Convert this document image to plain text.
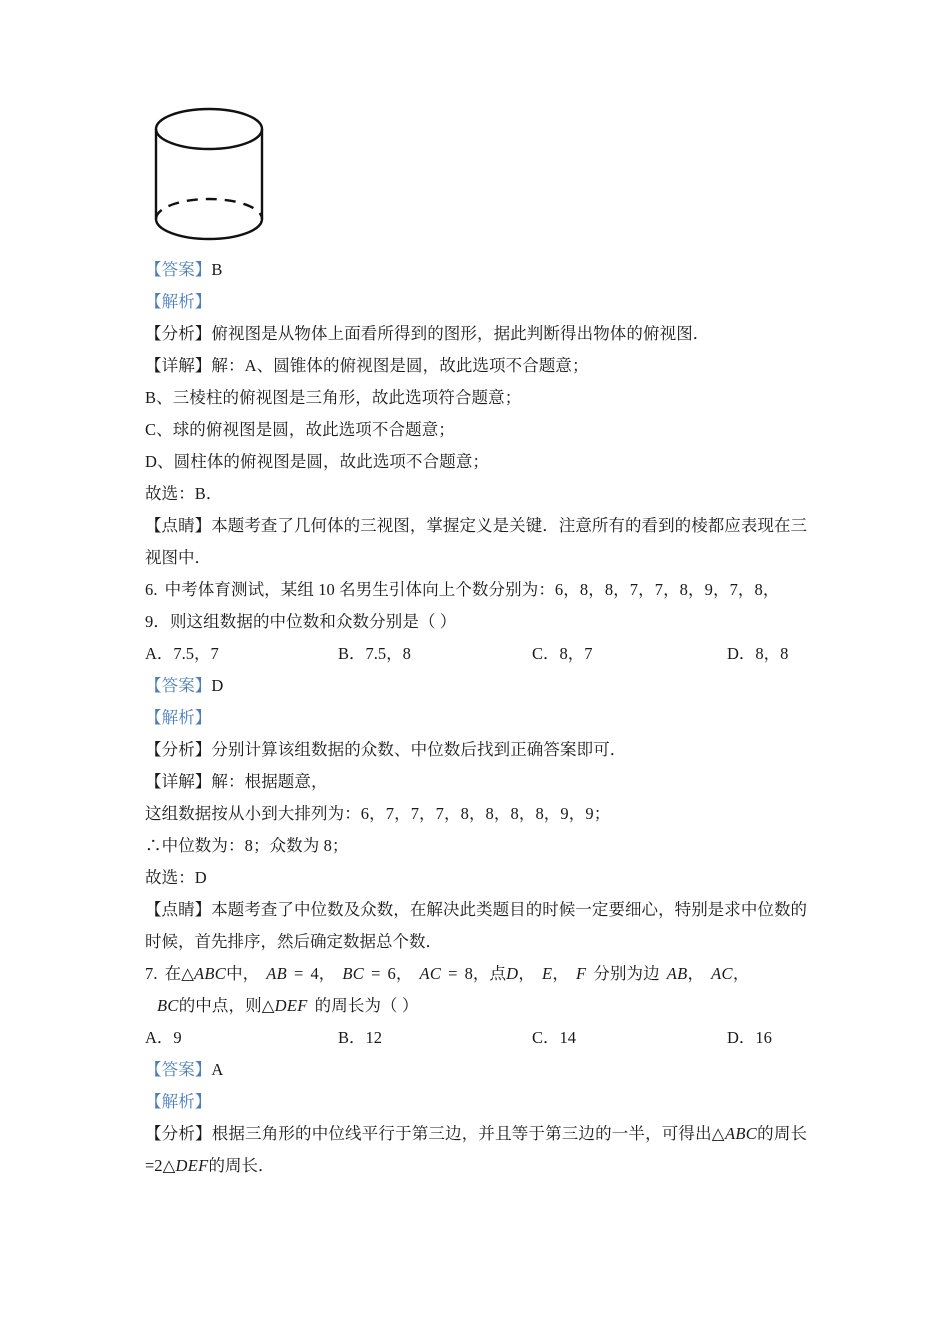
【答案】B
【解析】
【分析】俯视图是从物体上面看所得到的图形，据此判断得出物体的俯视图．
【详解】解：A、圆锥体的俯视图是圆，故此选项不合题意；
B、三棱柱的俯视图是三角形，故此选项符合题意；
C、球的俯视图是圆，故此选项不合题意；
D、圆柱体的俯视图是圆，故此选项不合题意；
故选：B．
【点睛】本题考查了几何体的三视图，掌握定义是关键．注意所有的看到的棱都应表现在三视图中．
6. 中考体育测试，某组 10 名男生引体向上个数分别为：6，8，8，7，7，8，9，7，8，
9．则这组数据的中位数和众数分别是（ ）
A．7.5，7	B．7.5，8	C．8，7	D．8，8
【答案】D
【解析】
【分析】分别计算该组数据的众数、中位数后找到正确答案即可．
【详解】解：根据题意，
这组数据按从小到大排列为：6，7，7，7，8，8，8，8，9，9；
∴中位数为：8；众数为 8；
故选：D
【点睛】本题考查了中位数及众数，在解决此类题目的时候一定要细心，特别是求中位数的时候，首先排序，然后确定数据总个数．
7. 在△ABC中， AB = 4， BC = 6， AC = 8，点D， E， F 分别为边 AB， AC，
BC的中点，则△DEF 的周长为（ ）
A．9	B．12	C．14	D．16
【答案】A
【解析】
【分析】根据三角形的中位线平行于第三边，并且等于第三边的一半，可得出△ABC的周长=2△DEF的周长．
